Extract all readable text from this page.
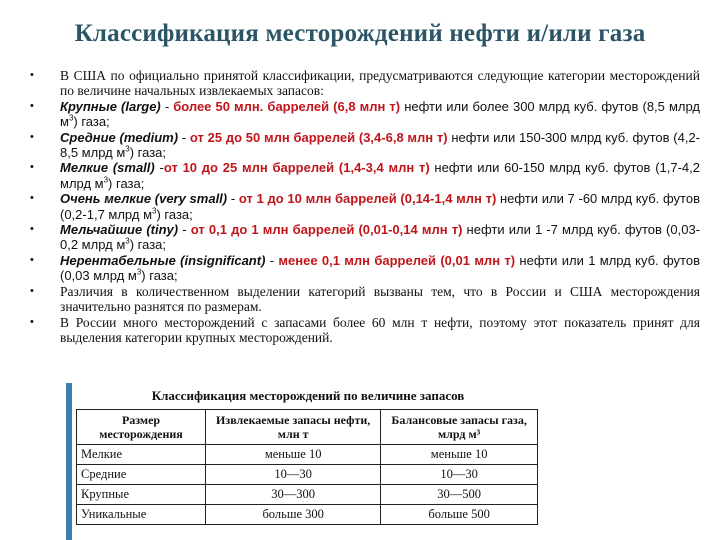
Классификация месторождений нефти и/или газа
• В США по официально принятой классификации, предусматриваются следующие категории месторождений по величине начальных извлекаемых запасов:
• Крупные (large) - более 50 млн. баррелей (6,8 млн т) нефти или более 300 млрд куб. футов (8,5 млрд $м^3$) газа;
• Средние (medium) - от 25 до 50 млн баррелей (3,4-6,8 млн т) нефти или 150-300 млрд куб. футов (4,2-8,5 млрд $м^3$) газа;
• Мелкие (small) -от 10 до 25 млн баррелей (1,4-3,4 млн т) нефти или 60-150 млрд куб. футов (1,7-4,2 млрд $м^3$) газа;
• Очень мелкие (very small) - от 1 до 10 млн баррелей (0,14-1,4 млн т) нефти или 7 -60 млрд куб. футов (0,2-1,7 млрд $м^3$) газа;
• Мельчайшие (tiny) - от 0,1 до 1 млн баррелей (0,01-0,14 млн т) нефти или 1 -7 млрд куб. футов (0,03-0,2 млрд $м^3$) газа;
• Нерентабельные (insignificant) - менее 0,1 млн баррелей (0,01 млн т) нефти или 1 млрд куб. футов (0,03 млрд $м^3$) газа;
• Различия в количественном выделении категорий вызваны тем, что в России и США месторождения значительно разнятся по размерам.
• В России много месторождений с запасами более 60 млн т нефти, поэтому этот показатель принят для выделения категории крупных месторождений.
Классификация месторождений по величине запасов
Размер месторождения	Извлекаемые запасы нефти, млн т	Балансовые запасы газа, млрд м³
Мелкие	меньше 10	меньше 10
Средние	10—30	10—30
Крупные	30—300	30—500
Уникальные	больше 300	больше 500
